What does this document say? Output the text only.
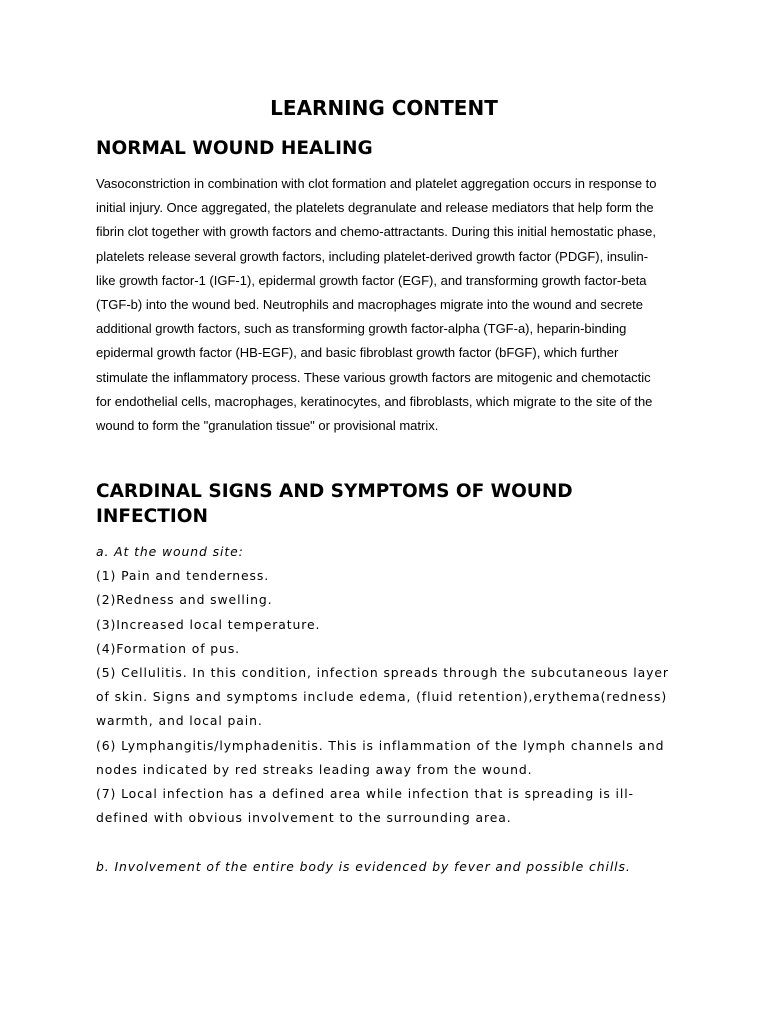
LEARNING CONTENT
NORMAL WOUND HEALING

Vasoconstriction in combination with clot formation and platelet aggregation occurs in response to initial injury. Once aggregated, the platelets degranulate and release mediators that help form the fibrin clot together with growth factors and chemo-attractants. During this initial hemostatic phase, platelets release several growth factors, including platelet-derived growth factor (PDGF), insulin-like growth factor-1 (IGF-1), epidermal growth factor (EGF), and transforming growth factor-beta (TGF-b) into the wound bed. Neutrophils and macrophages migrate into the wound and secrete additional growth factors, such as transforming growth factor-alpha (TGF-a), heparin-binding epidermal growth factor (HB-EGF), and basic fibroblast growth factor (bFGF), which further stimulate the inflammatory process. These various growth factors are mitogenic and chemotactic for endothelial cells, macrophages, keratinocytes, and fibroblasts, which migrate to the site of the wound to form the "granulation tissue" or provisional matrix.

CARDINAL SIGNS AND SYMPTOMS OF WOUND INFECTION
a. At the wound site:
(1) Pain and tenderness.
(2)Redness and swelling.
(3)Increased local temperature.
(4)Formation of pus.
(5) Cellulitis. In this condition, infection spreads through the subcutaneous layer of skin. Signs and symptoms include edema, (fluid retention),erythema(redness)
warmth, and local pain.
(6) Lymphangitis/lymphadenitis. This is inflammation of the lymph channels and nodes indicated by red streaks leading away from the wound.
(7) Local infection has a defined area while infection that is spreading is ill-defined with obvious involvement to the surrounding area.
b. Involvement of the entire body is evidenced by fever and possible chills.
